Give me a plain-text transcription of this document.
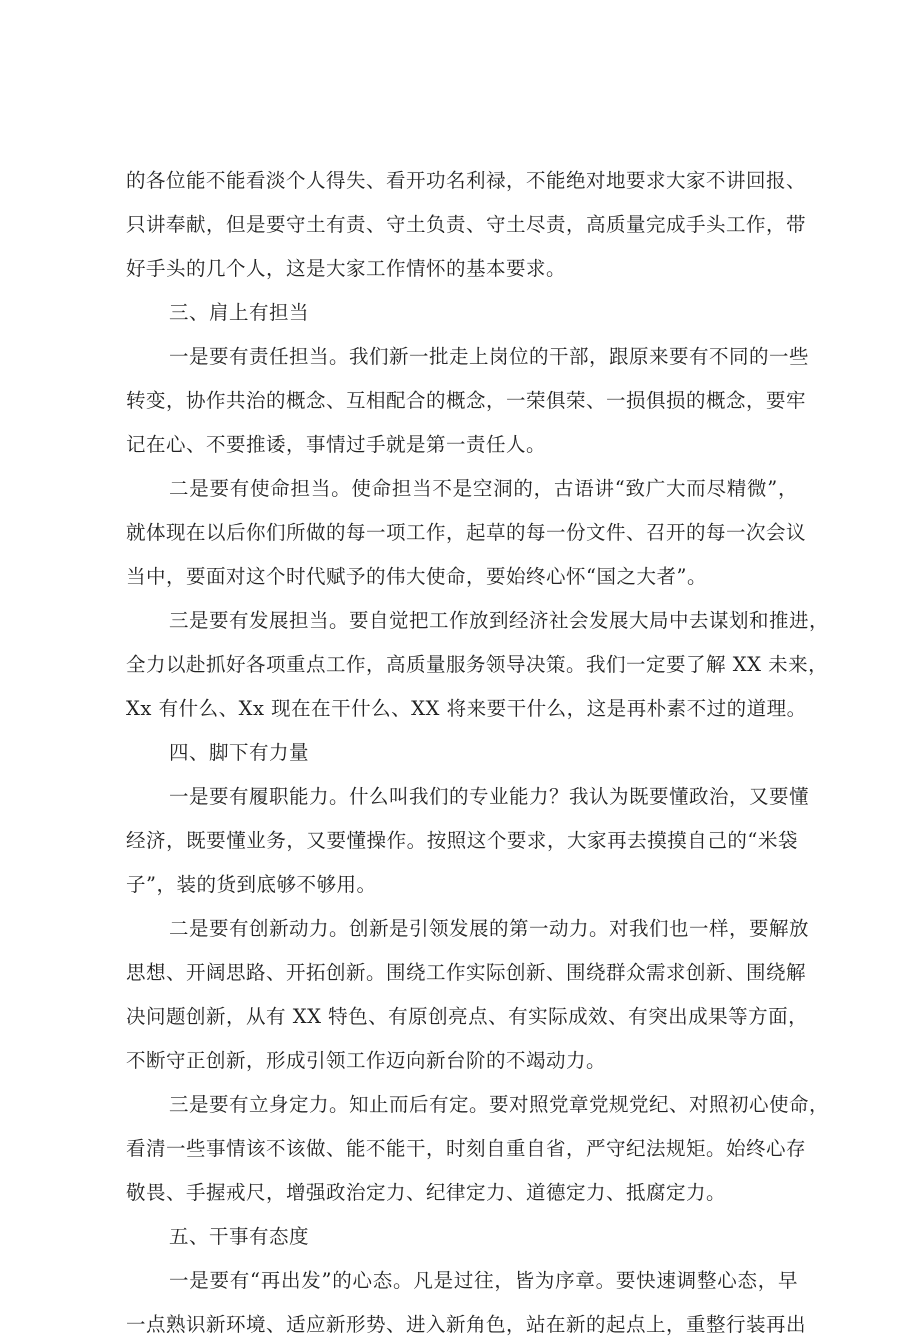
的各位能不能看淡个人得失、看开功名利禄，不能绝对地要求大家不讲回报、
只讲奉献，但是要守土有责、守土负责、守土尽责，高质量完成手头工作，带
好手头的几个人，这是大家工作情怀的基本要求。
三、肩上有担当
一是要有责任担当。我们新一批走上岗位的干部，跟原来要有不同的一些
转变，协作共治的概念、互相配合的概念，一荣俱荣、一损俱损的概念，要牢
记在心、不要推诿，事情过手就是第一责任人。
二是要有使命担当。使命担当不是空洞的，古语讲“致广大而尽精微”，
就体现在以后你们所做的每一项工作，起草的每一份文件、召开的每一次会议
当中，要面对这个时代赋予的伟大使命，要始终心怀“国之大者”。
三是要有发展担当。要自觉把工作放到经济社会发展大局中去谋划和推进，
全力以赴抓好各项重点工作，高质量服务领导决策。我们一定要了解 XX 未来，
Xx 有什么、Xx 现在在干什么、XX 将来要干什么，这是再朴素不过的道理。
四、脚下有力量
一是要有履职能力。什么叫我们的专业能力？我认为既要懂政治，又要懂
经济，既要懂业务，又要懂操作。按照这个要求，大家再去摸摸自己的“米袋
子”，装的货到底够不够用。
二是要有创新动力。创新是引领发展的第一动力。对我们也一样，要解放
思想、开阔思路、开拓创新。围绕工作实际创新、围绕群众需求创新、围绕解
决问题创新，从有 XX 特色、有原创亮点、有实际成效、有突出成果等方面，
不断守正创新，形成引领工作迈向新台阶的不竭动力。
三是要有立身定力。知止而后有定。要对照党章党规党纪、对照初心使命，
看清一些事情该不该做、能不能干，时刻自重自省，严守纪法规矩。始终心存
敬畏、手握戒尺，增强政治定力、纪律定力、道德定力、抵腐定力。
五、干事有态度
一是要有“再出发”的心态。凡是过往，皆为序章。要快速调整心态，早
一点熟识新环境、适应新形势、进入新角色，站在新的起点上，重整行装再出
